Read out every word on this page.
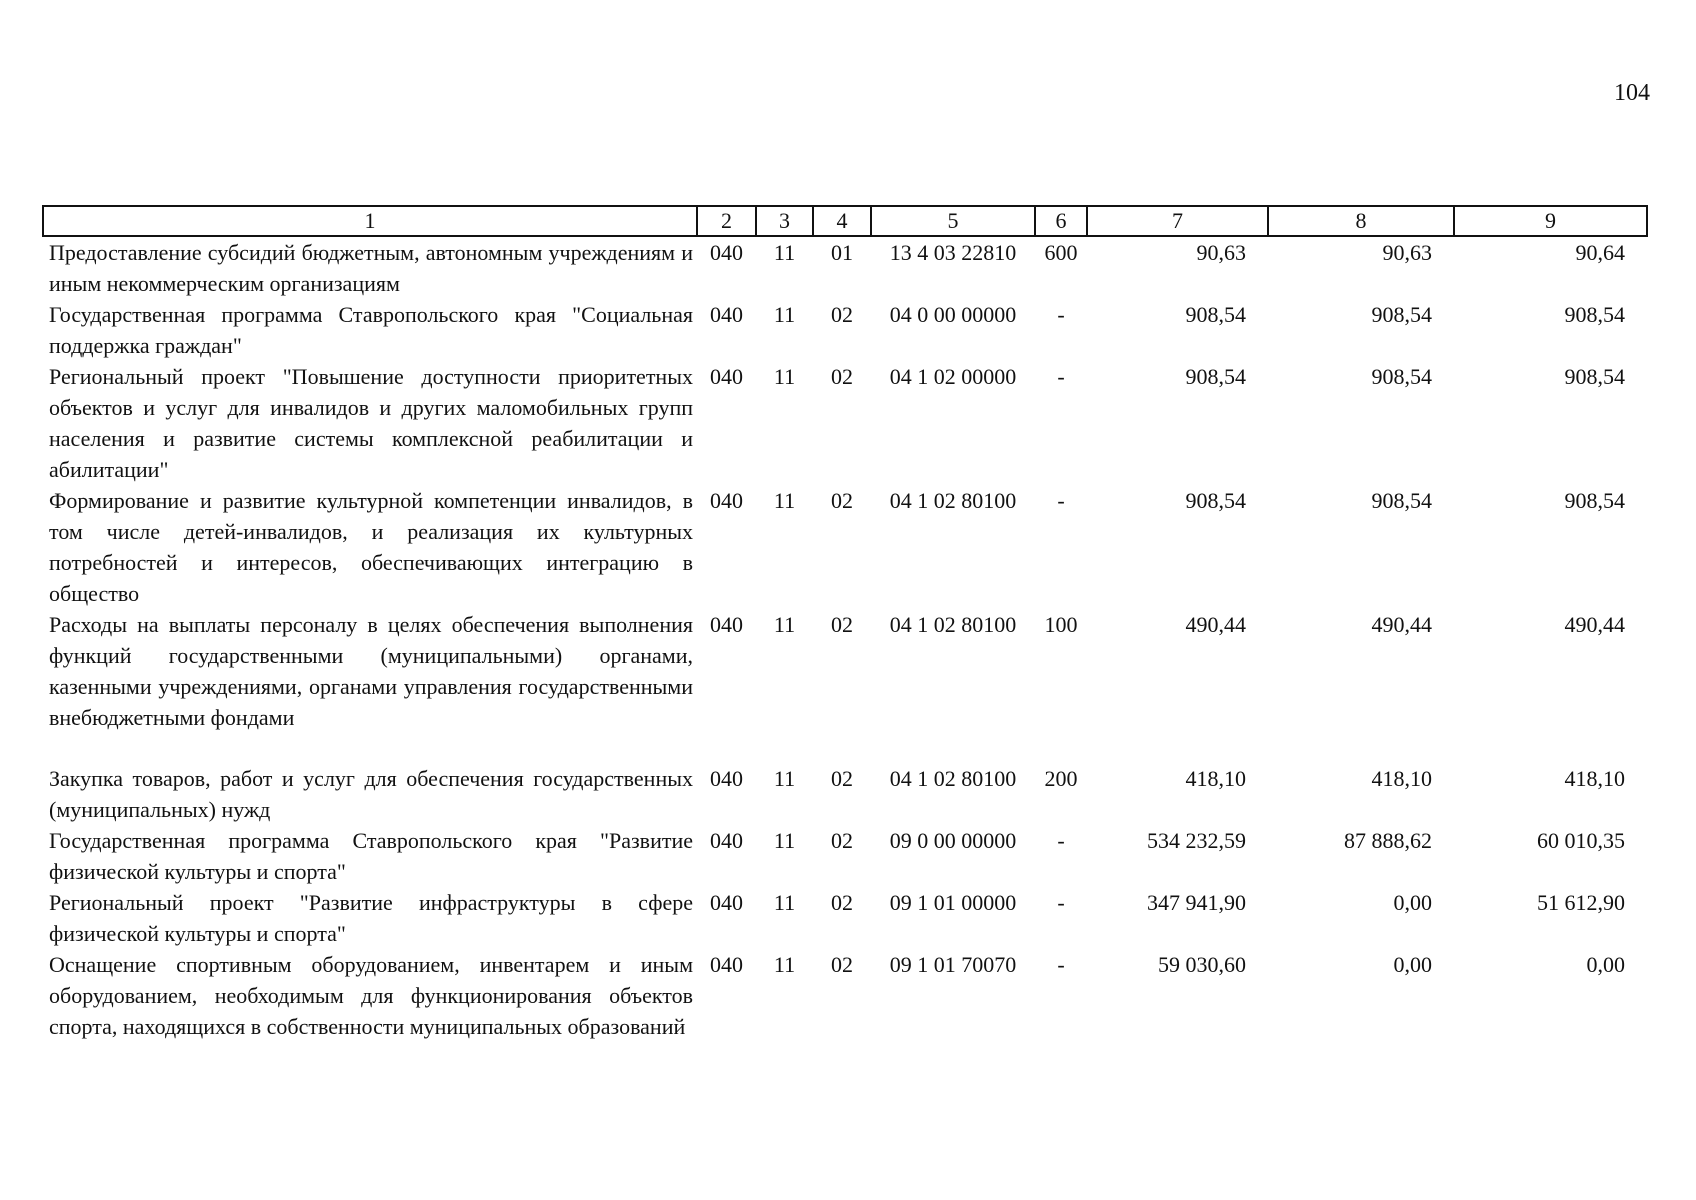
104
1	2	3	4	5	6	7	8	9
Предоставление субсидий бюджетным, автономным учреждениям и иным некоммерческим организациям	040	11	01	13 4 03 22810	600	90,63	90,63	90,64
Государственная программа Ставропольского края "Социальная поддержка граждан"	040	11	02	04 0 00 00000	-	908,54	908,54	908,54
Региональный проект "Повышение доступности приоритетных объектов и услуг для инвалидов и других маломобильных групп населения и развитие системы комплексной реабилитации и абилитации"	040	11	02	04 1 02 00000	-	908,54	908,54	908,54
Формирование и развитие культурной компетенции инвалидов, в том числе детей-инвалидов, и реализация их культурных потребностей и интересов, обеспечивающих интеграцию в общество	040	11	02	04 1 02 80100	-	908,54	908,54	908,54
Расходы на выплаты персоналу в целях обеспечения выполнения функций государственными (муниципальными) органами, казенными учреждениями, органами управления государственными внебюджетными фондами	040	11	02	04 1 02 80100	100	490,44	490,44	490,44

Закупка товаров, работ и услуг для обеспечения государственных (муниципальных) нужд	040	11	02	04 1 02 80100	200	418,10	418,10	418,10
Государственная программа Ставропольского края "Развитие физической культуры и спорта"	040	11	02	09 0 00 00000	-	534 232,59	87 888,62	60 010,35
Региональный проект "Развитие инфраструктуры в сфере физической культуры и спорта"	040	11	02	09 1 01 00000	-	347 941,90	0,00	51 612,90
Оснащение спортивным оборудованием, инвентарем и иным оборудованием, необходимым для функционирования объектов спорта, находящихся в собственности муниципальных образований	040	11	02	09 1 01 70070	-	59 030,60	0,00	0,00
